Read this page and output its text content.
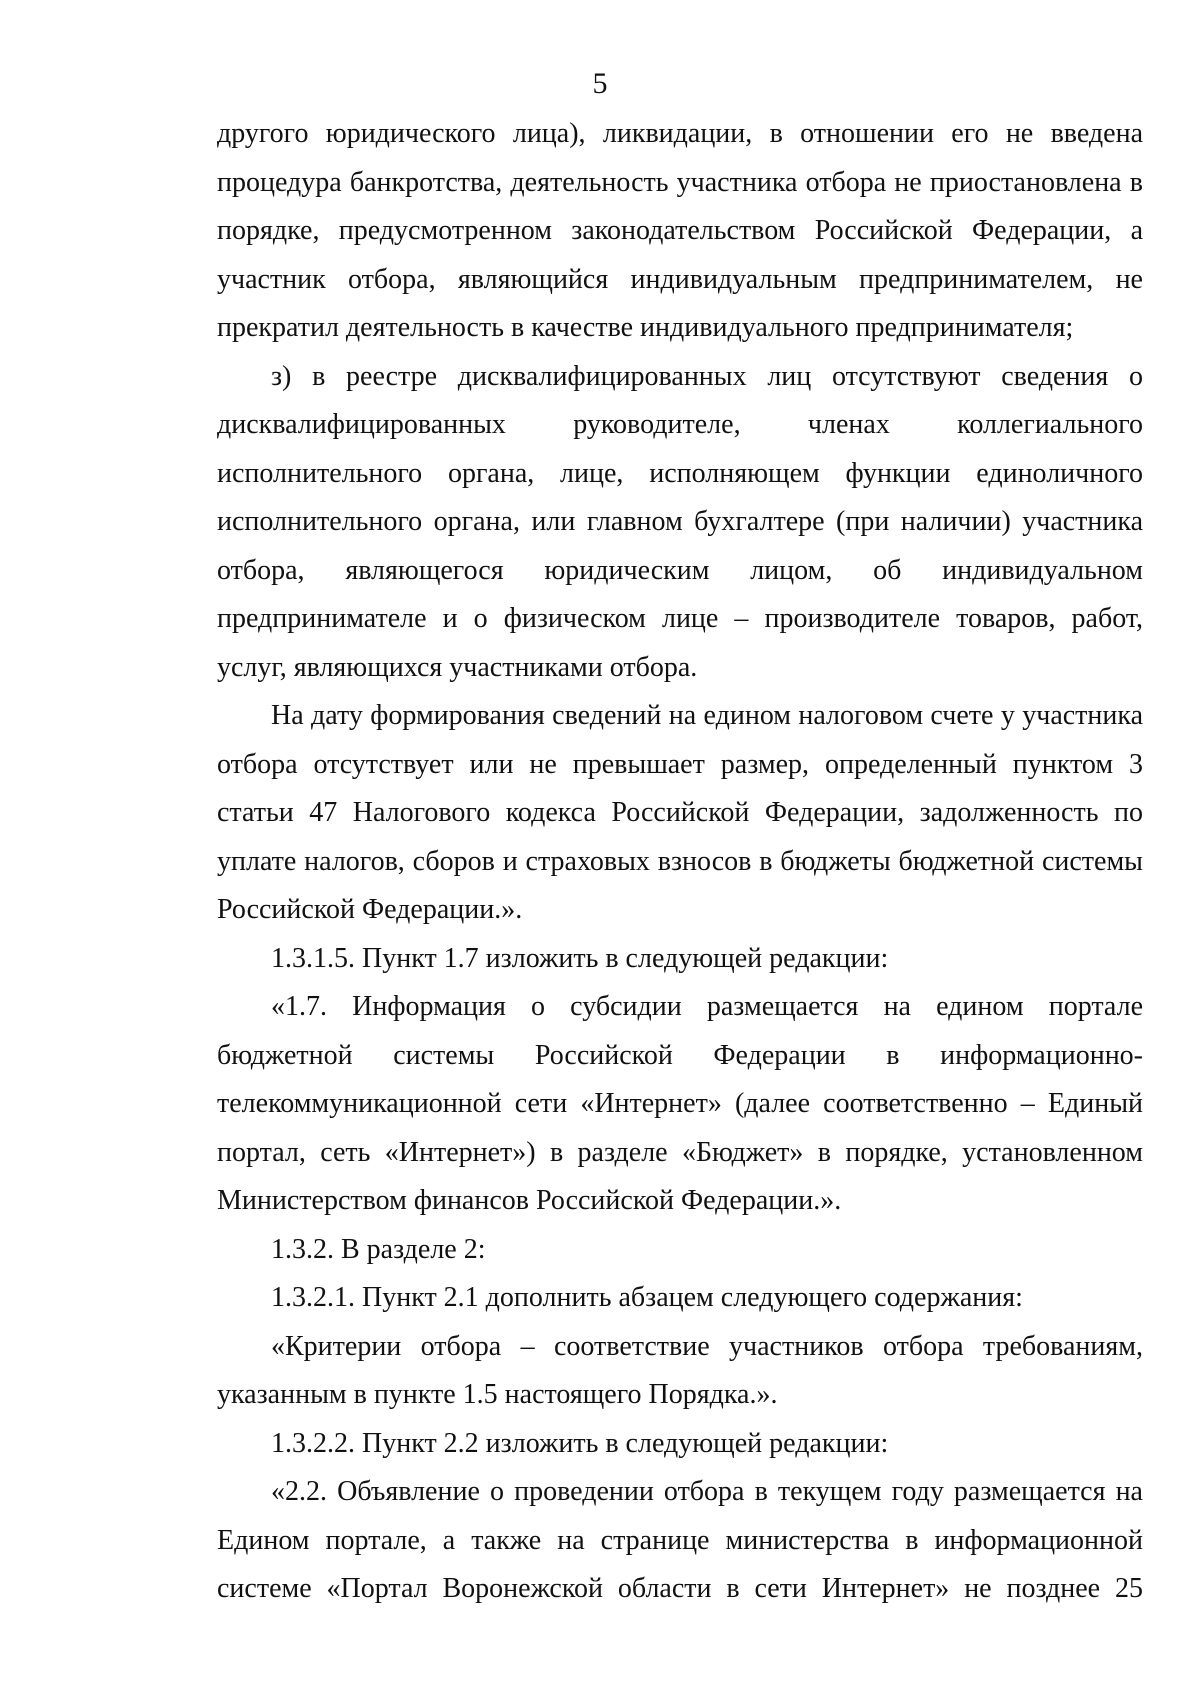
5

другого юридического лица), ликвидации, в отношении его не введена процедура банкротства, деятельность участника отбора не приостановлена в порядке, предусмотренном законодательством Российской Федерации, а участник отбора, являющийся индивидуальным предпринимателем, не прекратил деятельность в качестве индивидуального предпринимателя;

з) в реестре дисквалифицированных лиц отсутствуют сведения о дисквалифицированных руководителе, членах коллегиального исполнительного органа, лице, исполняющем функции единоличного исполнительного органа, или главном бухгалтере (при наличии) участника отбора, являющегося юридическим лицом, об индивидуальном предпринимателе и о физическом лице – производителе товаров, работ, услуг, являющихся участниками отбора.

На дату формирования сведений на едином налоговом счете у участника отбора отсутствует или не превышает размер, определенный пунктом 3 статьи 47 Налогового кодекса Российской Федерации, задолженность по уплате налогов, сборов и страховых взносов в бюджеты бюджетной системы Российской Федерации.».

1.3.1.5. Пункт 1.7 изложить в следующей редакции:

«1.7. Информация о субсидии размещается на едином портале бюджетной системы Российской Федерации в информационно-телекоммуникационной сети «Интернет» (далее соответственно – Единый портал, сеть «Интернет») в разделе «Бюджет» в порядке, установленном Министерством финансов Российской Федерации.».

1.3.2. В разделе 2:

1.3.2.1. Пункт 2.1 дополнить абзацем следующего содержания:

«Критерии отбора – соответствие участников отбора требованиям, указанным в пункте 1.5 настоящего Порядка.».

1.3.2.2. Пункт 2.2 изложить в следующей редакции:

«2.2. Объявление о проведении отбора в текущем году размещается на Едином портале, а также на странице министерства в информационной системе «Портал Воронежской области в сети Интернет» не позднее 25
